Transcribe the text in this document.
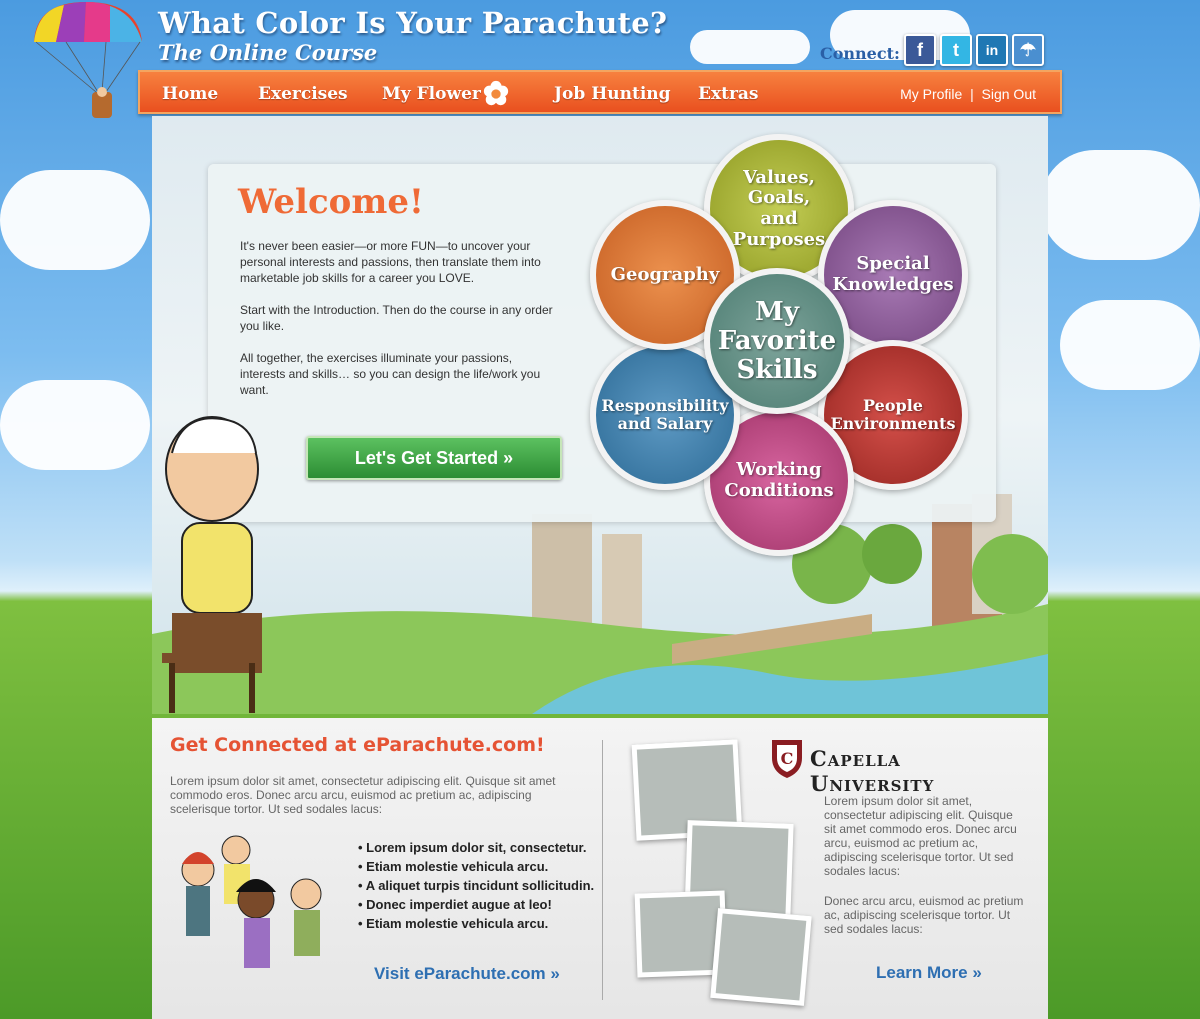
What Color Is Your Parachute?
The Online Course	Connect: f	t	in	☂
Home Exercises My Flower	Job Hunting Extras	My Profile | Sign Out
Welcome!

It's never been easier—or more FUN—to uncover your personal interests and passions, then translate them into marketable job skills for a career you LOVE.

Start with the Introduction. Then do the course in any order you like.

All together, the exercises illuminate your passions, interests and skills… so you can design the life/work you want.

Let's Get Started »
Values, Goals, and Purposes
Special Knowledges
People Environments
Working Conditions
Responsibility and Salary
Geography
My Favorite Skills
Get Connected at eParachute.com!

Lorem ipsum dolor sit amet, consectetur adipiscing elit. Quisque sit amet commodo eros. Donec arcu arcu, euismod ac pretium ac, adipiscing scelerisque tortor. Ut sed sodales lacus:

• Lorem ipsum dolor sit, consectetur.
• Etiam molestie vehicula arcu.
• A aliquet turpis tincidunt sollicitudin.
• Donec imperdiet augue at leo!
• Etiam molestie vehicula arcu.
Visit eParachute.com »
C Capella University

Lorem ipsum dolor sit amet, consectetur adipiscing elit. Quisque sit amet commodo eros. Donec arcu arcu, euismod ac pretium ac, adipiscing scelerisque tortor. Ut sed sodales lacus:

Donec arcu arcu, euismod ac pretium ac, adipiscing scelerisque tortor. Ut sed sodales lacus:

Learn More »
